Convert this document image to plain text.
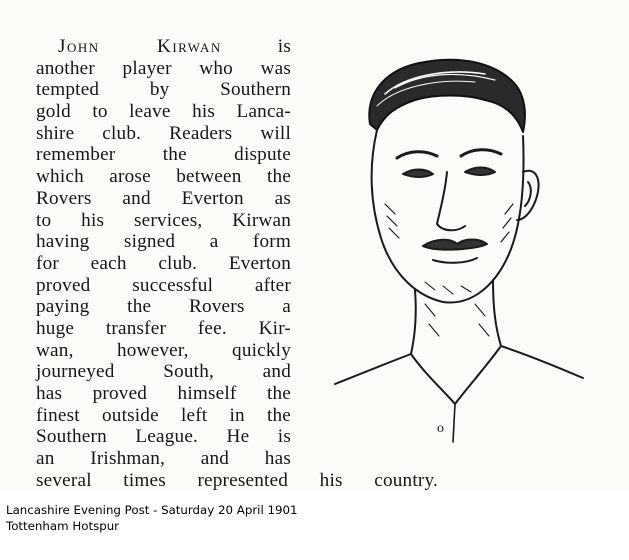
John Kirwan	is
another player who was
tempted by Southern
gold to leave his Lanca-
shire club. Readers will
remember the dispute
which arose between the
Rovers and Everton as
to his services, Kirwan
having signed a form
for each club. Everton
proved successful after
paying the Rovers a
huge transfer fee. Kir-
wan, however, quickly
journeyed South, and
has proved himself the
finest outside left in the
Southern League. He is
an Irishman, and has
several times represented his country.
o
Lancashire Evening Post - Saturday 20 April 1901
Tottenham Hotspur
